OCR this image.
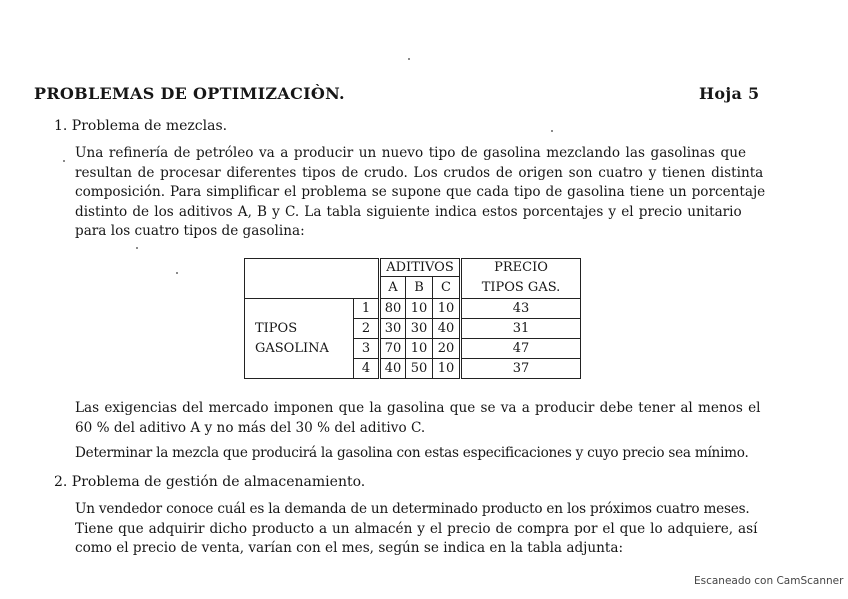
PROBLEMAS DE OPTIMIZACIÒN.	Hoja 5
1. Problema de mezclas.
Una refinería de petróleo va a producir un nuevo tipo de gasolina mezclando las gasolinas que
resultan de procesar diferentes tipos de crudo. Los crudos de origen son cuatro y tienen distinta
composición. Para simplificar el problema se supone que cada tipo de gasolina tiene un porcentaje
distinto de los aditivos A, B y C. La tabla siguiente indica estos porcentajes y el precio unitario
para los cuatro tipos de gasolina:
		ADITIVOS			PRECIO
		A	B	C	TIPOS GAS.
TIPOS
GASOLINA	1	80	10	10	43
	2	30	30	40	31
	3	70	10	20	47
	4	40	50	10	37
Las exigencias del mercado imponen que la gasolina que se va a producir debe tener al menos el
60 % del aditivo A y no más del 30 % del aditivo C.
Determinar la mezcla que producirá la gasolina con estas especificaciones y cuyo precio sea mínimo.
2. Problema de gestión de almacenamiento.
Un vendedor conoce cuál es la demanda de un determinado producto en los próximos cuatro meses.
Tiene que adquirir dicho producto a un almacén y el precio de compra por el que lo adquiere, así
como el precio de venta, varían con el mes, según se indica en la tabla adjunta:
Escaneado con CamScanner
